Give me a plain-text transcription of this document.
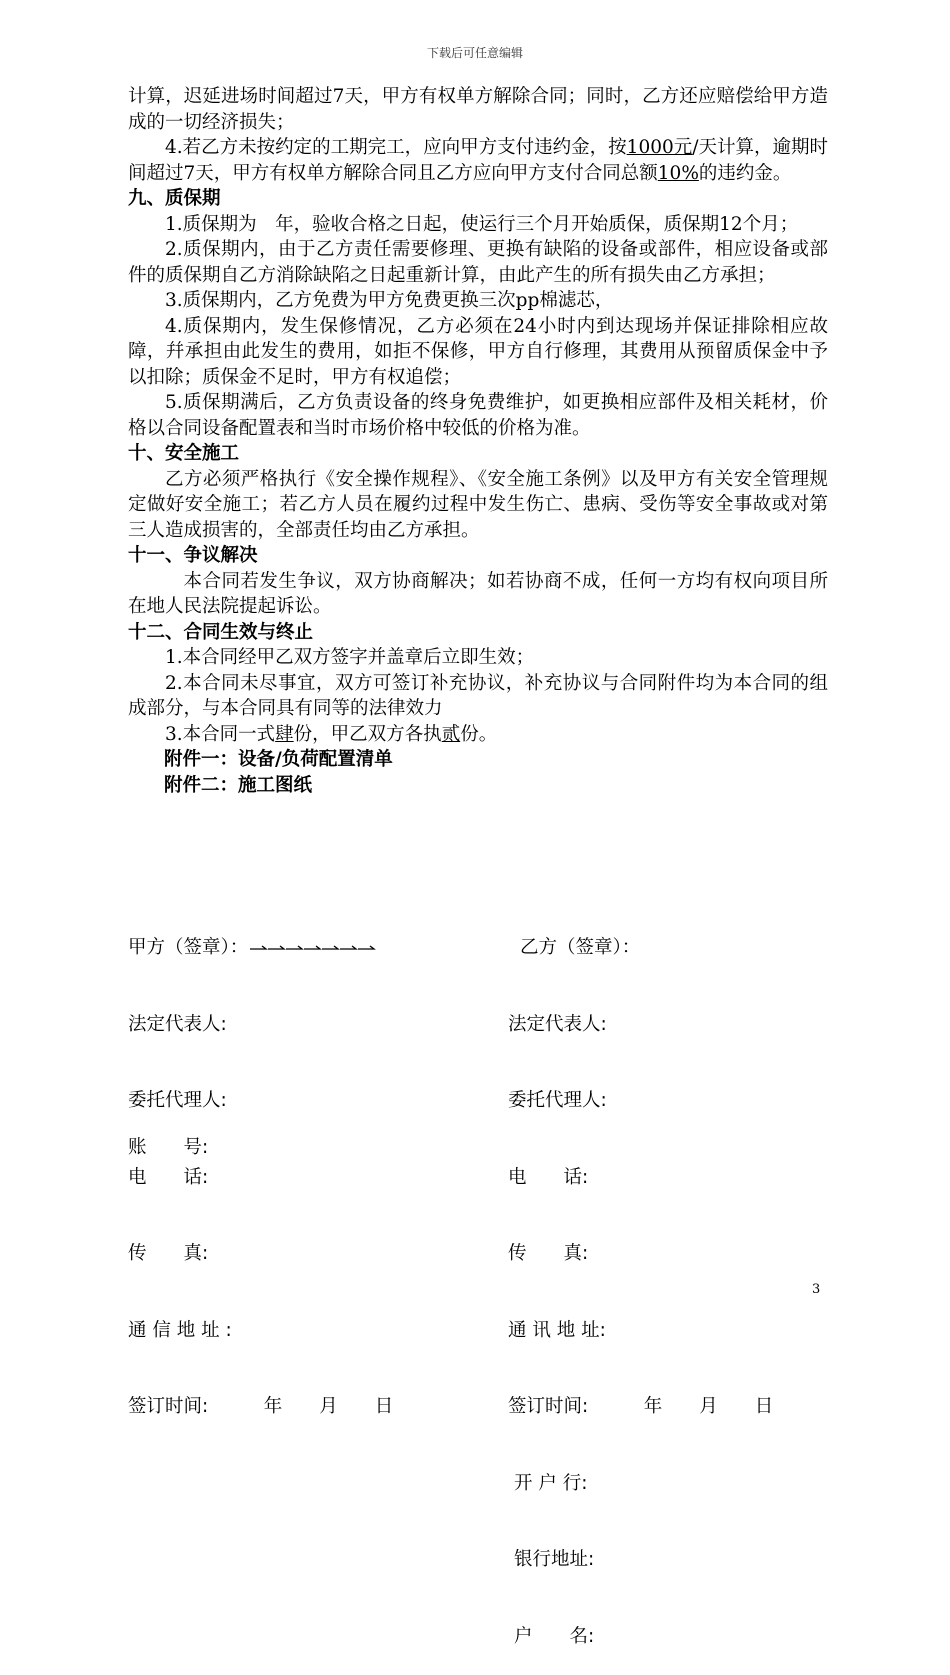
下载后可任意编辑

计算，迟延进场时间超过7天，甲方有权单方解除合同；同时，乙方还应赔偿给甲方造成的一切经济损失；

4.若乙方未按约定的工期完工，应向甲方支付违约金，按1000元/天计算，逾期时间超过7天，甲方有权单方解除合同且乙方应向甲方支付合同总额10%的违约金。

九、质保期

1.质保期为　年，验收合格之日起，使运行三个月开始质保，质保期12个月；

2.质保期内，由于乙方责任需要修理、更换有缺陷的设备或部件，相应设备或部件的质保期自乙方消除缺陷之日起重新计算，由此产生的所有损失由乙方承担；

3.质保期内，乙方免费为甲方免费更换三次pp棉滤芯，

4.质保期内，发生保修情况，乙方必须在24小时内到达现场并保证排除相应故障，幷承担由此发生的费用，如拒不保修，甲方自行修理，其费用从预留质保金中予以扣除；质保金不足时，甲方有权追偿；

5.质保期满后，乙方负责设备的终身免费维护，如更换相应部件及相关耗材，价格以合同设备配置表和当时市场价格中较低的价格为准。

十、安全施工

乙方必须严格执行《安全操作规程》、《安全施工条例》以及甲方有关安全管理规定做好安全施工；若乙方人员在履约过程中发生伤亡、患病、受伤等安全事故或对第三人造成损害的，全部责任均由乙方承担。

十一、争议解决

本合同若发生争议，双方协商解决；如若协商不成，任何一方均有权向项目所在地人民法院提起诉讼。

十二、合同生效与终止

1.本合同经甲乙双方签字并盖章后立即生效；

2.本合同未尽事宜，双方可签订补充协议，补充协议与合同附件均为本合同的组成部分，与本合同具有同等的法律效力

3.本合同一式肆份，甲乙双方各执贰份。

附件一：设备/负荷配置清单

附件二：施工图纸

甲方（签章）：

法定代表人:

委托代理人:

电　　话:

传　　真:

通 信 地 址 :

签订时间:　　　年　　月　　日

乙方（签章）：

法定代表人:

委托代理人:

电　　话:

传　　真:

通 讯 地 址:

签订时间:　　　年　　月　　日

开 户 行:

银行地址:

户　　名:

账　　号:
3
